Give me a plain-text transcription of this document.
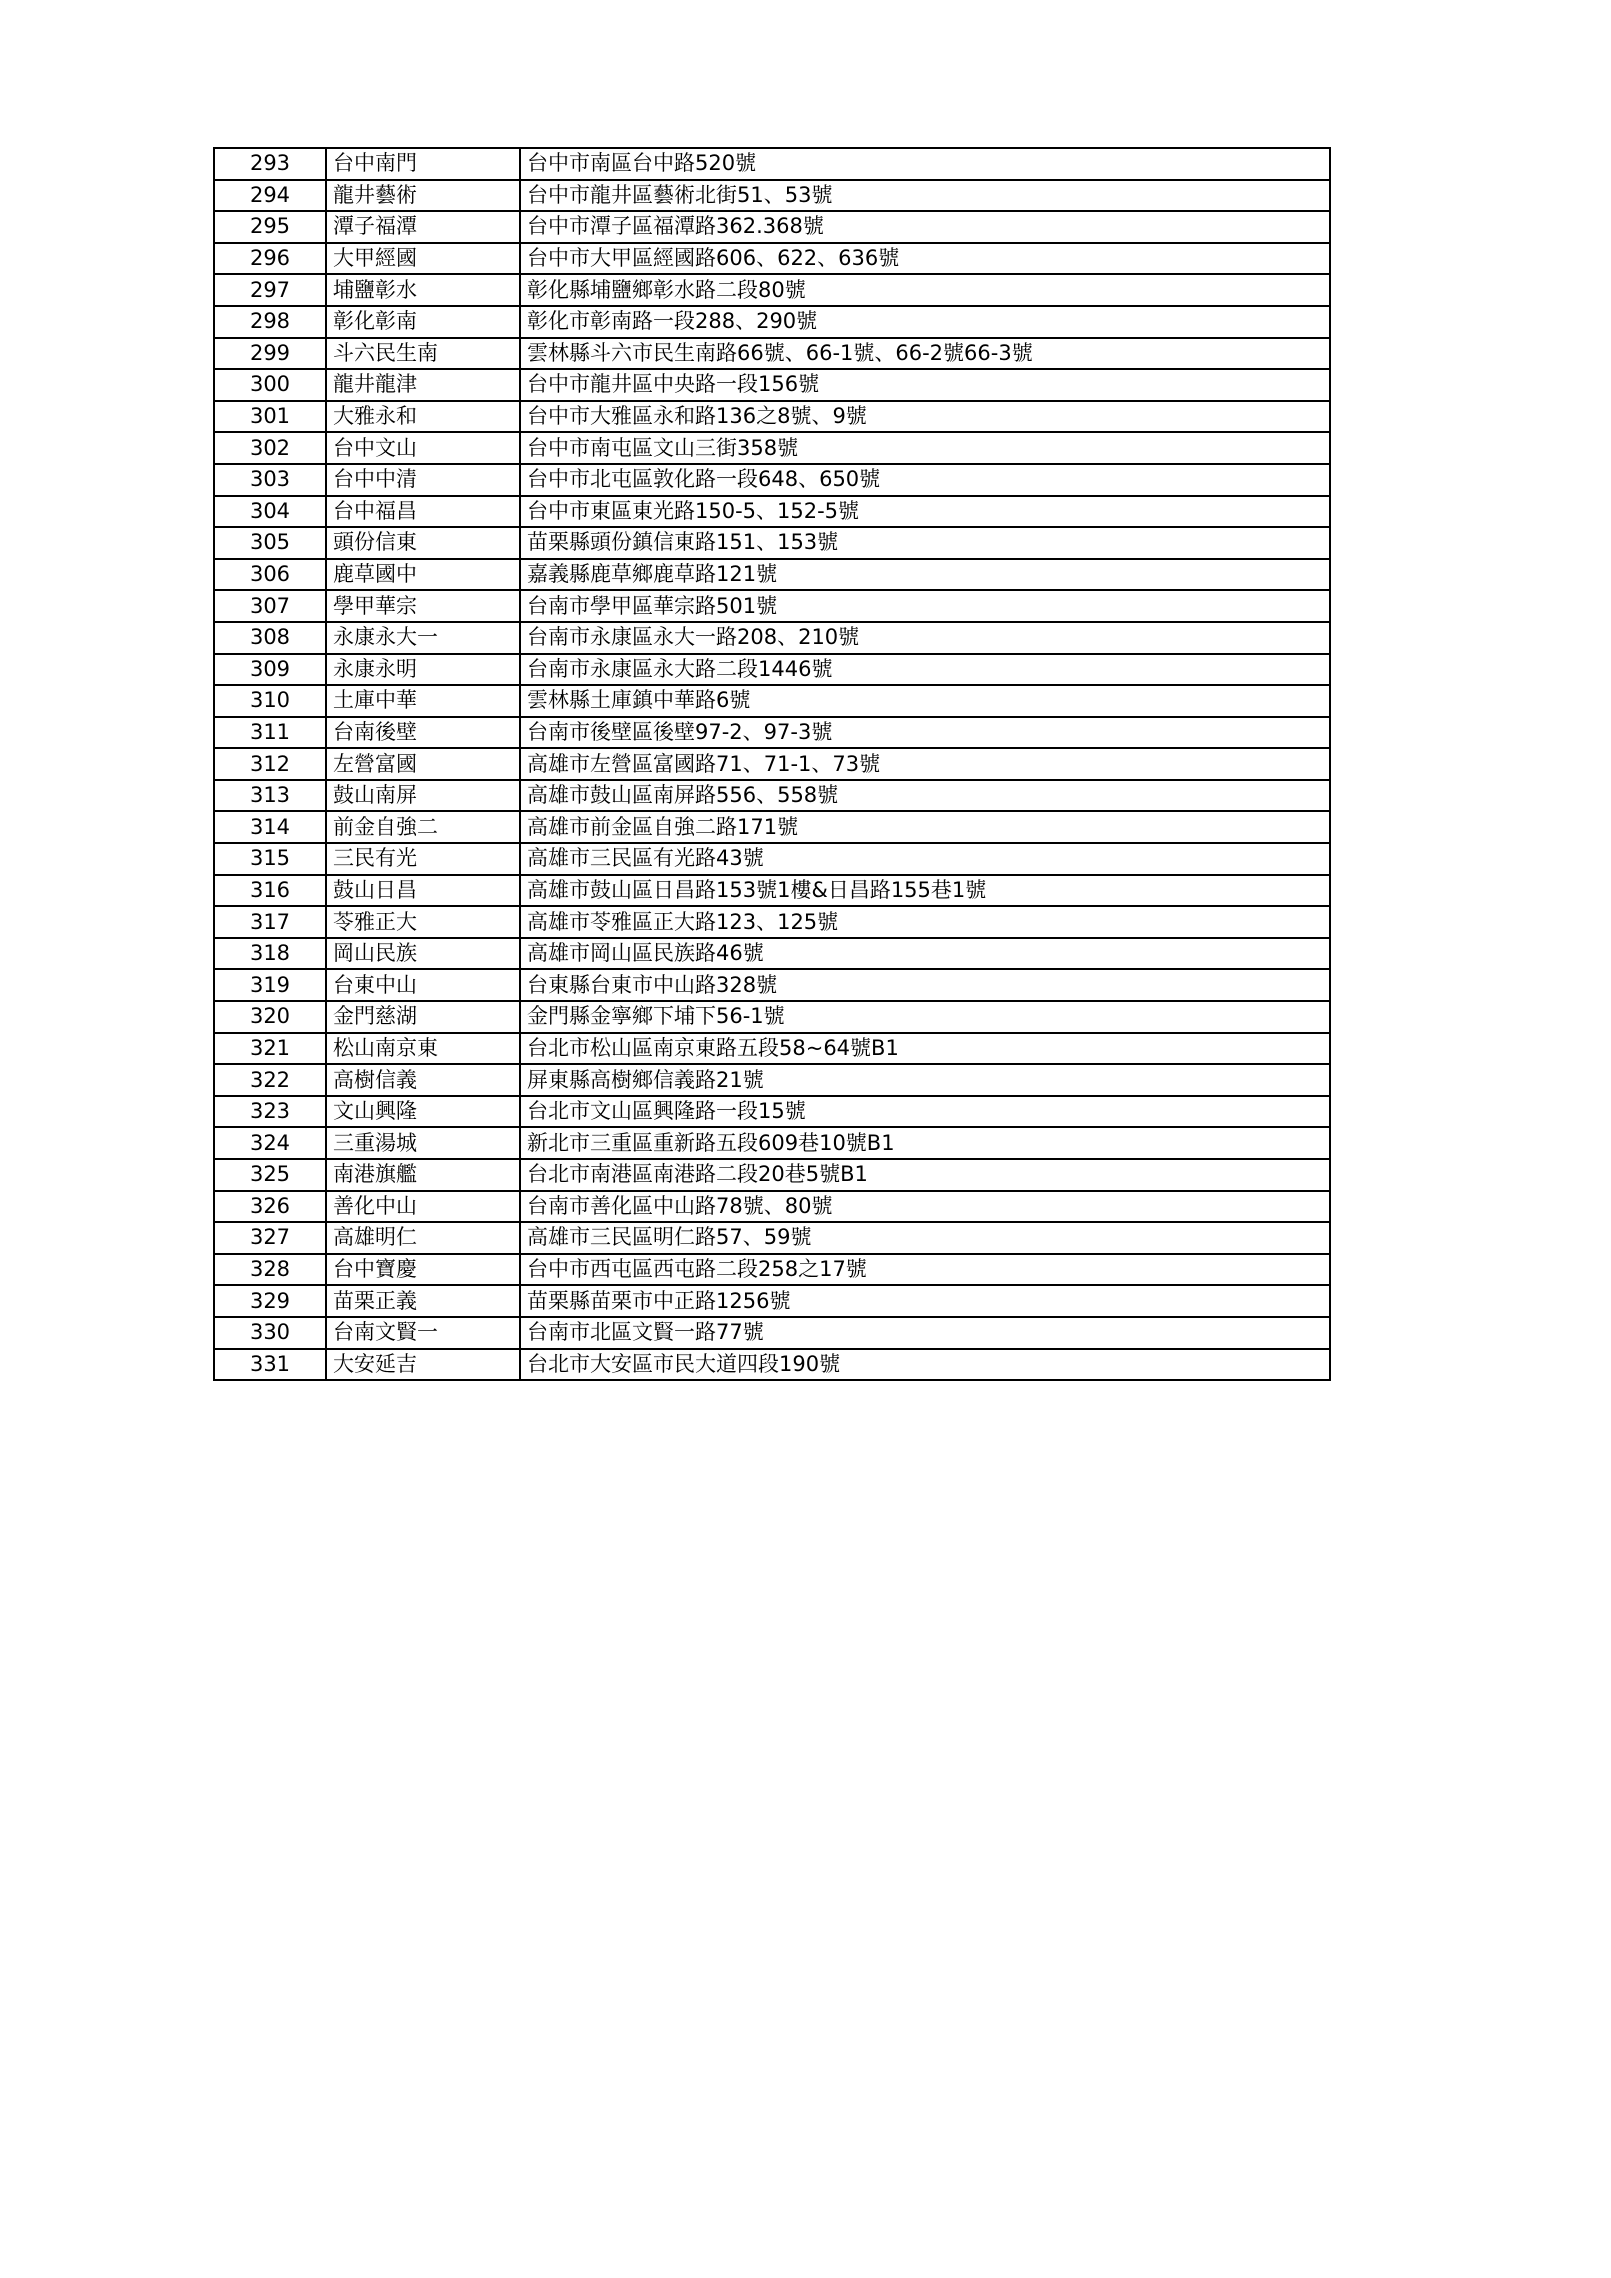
293	台中南門	台中市南區台中路520號
294	龍井藝術	台中市龍井區藝術北街51、53號
295	潭子福潭	台中市潭子區福潭路362.368號
296	大甲經國	台中市大甲區經國路606、622、636號
297	埔鹽彰水	彰化縣埔鹽鄉彰水路二段80號
298	彰化彰南	彰化市彰南路一段288、290號
299	斗六民生南	雲林縣斗六市民生南路66號、66-1號、66-2號66-3號
300	龍井龍津	台中市龍井區中央路一段156號
301	大雅永和	台中市大雅區永和路136之8號、9號
302	台中文山	台中市南屯區文山三街358號
303	台中中清	台中市北屯區敦化路一段648、650號
304	台中福昌	台中市東區東光路150-5、152-5號
305	頭份信東	苗栗縣頭份鎮信東路151、153號
306	鹿草國中	嘉義縣鹿草鄉鹿草路121號
307	學甲華宗	台南市學甲區華宗路501號
308	永康永大一	台南市永康區永大一路208、210號
309	永康永明	台南市永康區永大路二段1446號
310	土庫中華	雲林縣土庫鎮中華路6號
311	台南後壁	台南市後壁區後壁97-2、97-3號
312	左營富國	高雄市左營區富國路71、71-1、73號
313	鼓山南屏	高雄市鼓山區南屏路556、558號
314	前金自強二	高雄市前金區自強二路171號
315	三民有光	高雄市三民區有光路43號
316	鼓山日昌	高雄市鼓山區日昌路153號1樓&日昌路155巷1號
317	苓雅正大	高雄市苓雅區正大路123、125號
318	岡山民族	高雄市岡山區民族路46號
319	台東中山	台東縣台東市中山路328號
320	金門慈湖	金門縣金寧鄉下埔下56-1號
321	松山南京東	台北市松山區南京東路五段58~64號B1
322	高樹信義	屏東縣高樹鄉信義路21號
323	文山興隆	台北市文山區興隆路一段15號
324	三重湯城	新北市三重區重新路五段609巷10號B1
325	南港旗艦	台北市南港區南港路二段20巷5號B1
326	善化中山	台南市善化區中山路78號、80號
327	高雄明仁	高雄市三民區明仁路57、59號
328	台中寶慶	台中市西屯區西屯路二段258之17號
329	苗栗正義	苗栗縣苗栗市中正路1256號
330	台南文賢一	台南市北區文賢一路77號
331	大安延吉	台北市大安區市民大道四段190號
